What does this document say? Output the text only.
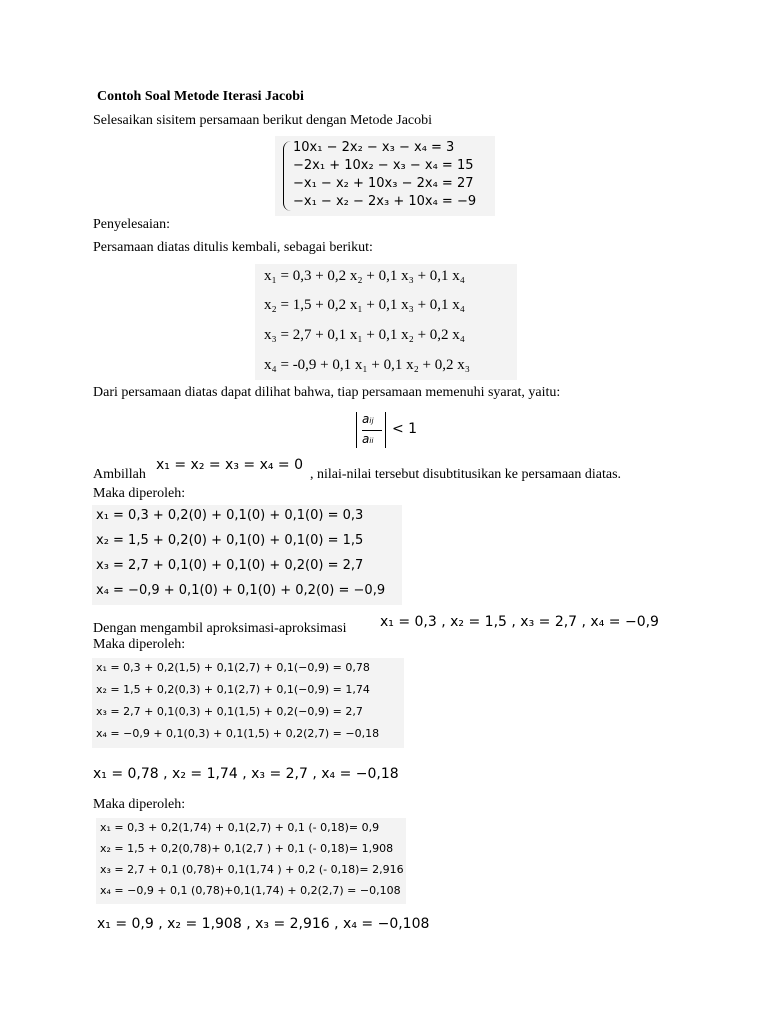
Contoh Soal Metode Iterasi Jacobi
Selesaikan sisitem persamaan berikut dengan Metode Jacobi
10x₁ − 2x₂ − x₃ − x₄ = 3
−2x₁ + 10x₂ − x₃ − x₄ = 15
−x₁ − x₂ + 10x₃ − 2x₄ = 27
−x₁ − x₂ − 2x₃ + 10x₄ = −9
Penyelesaian:
Persamaan diatas ditulis kembali, sebagai berikut:
x₁ = 0,3 + 0,2 x₂ + 0,1 x₃ + 0,1 x₄
x₂ = 1,5 + 0,2 x₁ + 0,1 x₃ + 0,1 x₄
x₃ = 2,7 + 0,1 x₁ + 0,1 x₂ + 0,2 x₄
x₄ = -0,9 + 0,1 x₁ + 0,1 x₂ + 0,2 x₃
Dari persamaan diatas dapat dilihat bahwa, tiap persamaan memenuhi syarat, yaitu:
aᵢⱼ
aᵢᵢ
< 1
Ambillah
x₁ = x₂ = x₃ = x₄ = 0
, nilai-nilai tersebut disubtitusikan ke persamaan diatas.
Maka diperoleh:
x₁ = 0,3 + 0,2(0) + 0,1(0) + 0,1(0) = 0,3
x₂ = 1,5 + 0,2(0) + 0,1(0) + 0,1(0) = 1,5
x₃ = 2,7 + 0,1(0) + 0,1(0) + 0,2(0) = 2,7
x₄ = −0,9 + 0,1(0) + 0,1(0) + 0,2(0) = −0,9
Dengan mengambil aproksimasi-aproksimasi x₁ = 0,3 , x₂ = 1,5 , x₃ = 2,7 , x₄ = −0,9
Maka diperoleh:
x₁ = 0,3 + 0,2(1,5) + 0,1(2,7) + 0,1(−0,9) = 0,78
x₂ = 1,5 + 0,2(0,3) + 0,1(2,7) + 0,1(−0,9) = 1,74
x₃ = 2,7 + 0,1(0,3) + 0,1(1,5) + 0,2(−0,9) = 2,7
x₄ = −0,9 + 0,1(0,3) + 0,1(1,5) + 0,2(2,7) = −0,18
x₁ = 0,78 , x₂ = 1,74 , x₃ = 2,7 , x₄ = −0,18
Maka diperoleh:
x₁ = 0,3 + 0,2(1,74) + 0,1(2,7) + 0,1 (- 0,18)= 0,9
x₂ = 1,5 + 0,2(0,78)+ 0,1(2,7 ) + 0,1 (- 0,18)= 1,908
x₃ = 2,7 + 0,1 (0,78)+ 0,1(1,74 ) + 0,2 (- 0,18)= 2,916
x₄ = −0,9 + 0,1 (0,78)+0,1(1,74) + 0,2(2,7) = −0,108
x₁ = 0,9 , x₂ = 1,908 , x₃ = 2,916 , x₄ = −0,108
